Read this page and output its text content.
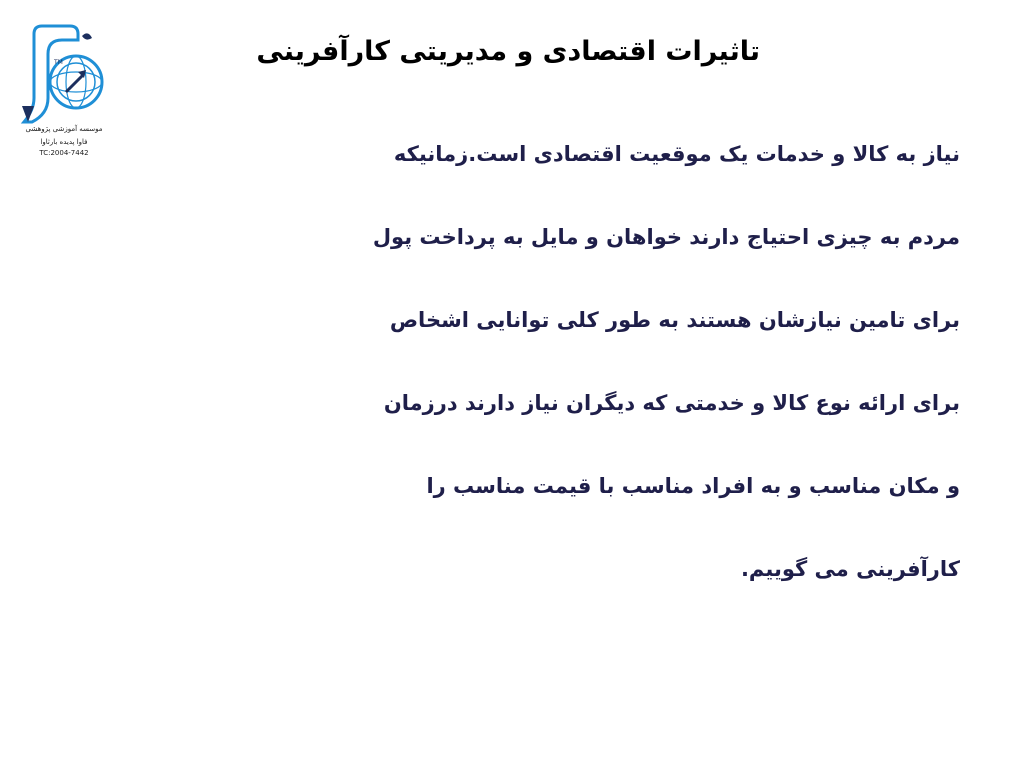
TM
موسسه آموزشی پژوهشی
فاوا پدیده بارثاوا
TC:2004-7442
تاثیرات اقتصادی و مدیریتی کارآفرینی
نیاز به کالا و خدمات یک موقعیت اقتصادی است.زمانیکه
مردم به چیزی احتیاج دارند خواهان و مایل به پرداخت پول
برای تامین نیازشان هستند به طور کلی توانایی اشخاص
برای ارائه نوع کالا و خدمتی که دیگران نیاز دارند درزمان
و مکان مناسب و به افراد مناسب با قیمت مناسب را
کارآفرینی می گوییم.
